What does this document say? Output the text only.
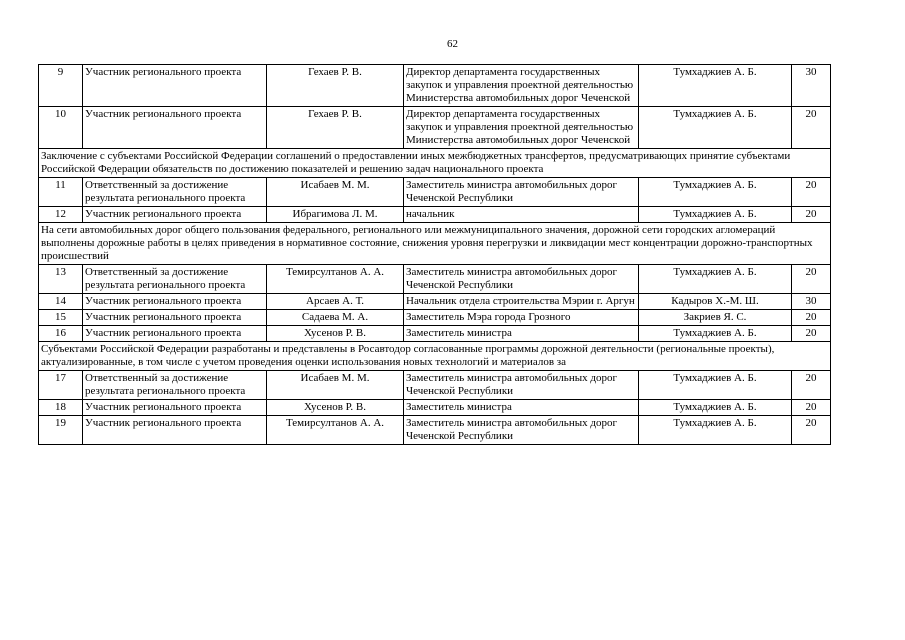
62
9	Участник регионального проекта	Гехаев Р. В.	Директор департамента государственных закупок и управления проектной деятельностью Министерства автомобильных дорог Чеченской	Тумхаджиев А. Б.	30
10	Участник регионального проекта	Гехаев Р. В.	Директор департамента государственных закупок и управления проектной деятельностью Министерства автомобильных дорог Чеченской	Тумхаджиев А. Б.	20
Заключение с субъектами Российской Федерации соглашений о предоставлении иных межбюджетных трансфертов, предусматривающих принятие субъектами Российской Федерации обязательств по достижению показателей и решению задач национального проекта					
11	Ответственный за достижение результата регионального проекта	Исабаев М. М.	Заместитель министра автомобильных дорог Чеченской Республики	Тумхаджиев А. Б.	20
12	Участник регионального проекта	Ибрагимова Л. М.	начальник	Тумхаджиев А. Б.	20
На сети автомобильных дорог общего пользования федерального, регионального или межмуниципального значения, дорожной сети городских агломераций выполнены дорожные работы в целях приведения в нормативное состояние, снижения уровня перегрузки и ликвидации мест концентрации дорожно-транспортных происшествий					
13	Ответственный за достижение результата регионального проекта	Темирсултанов А. А.	Заместитель министра автомобильных дорог Чеченской Республики	Тумхаджиев А. Б.	20
14	Участник регионального проекта	Арсаев А. Т.	Начальник отдела строительства Мэрии г. Аргун	Кадыров Х.-М. Ш.	30
15	Участник регионального проекта	Садаева М. А.	Заместитель Мэра города Грозного	Закриев Я. С.	20
16	Участник регионального проекта	Хусенов Р. В.	Заместитель министра	Тумхаджиев А. Б.	20
Субъектами Российской Федерации разработаны и представлены в Росавтодор согласованные программы дорожной деятельности (региональные проекты), актуализированные, в том числе с учетом проведения оценки использования новых технологий и материалов за					
17	Ответственный за достижение результата регионального проекта	Исабаев М. М.	Заместитель министра автомобильных дорог Чеченской Республики	Тумхаджиев А. Б.	20
18	Участник регионального проекта	Хусенов Р. В.	Заместитель министра	Тумхаджиев А. Б.	20
19	Участник регионального проекта	Темирсултанов А. А.	Заместитель министра автомобильных дорог Чеченской Республики	Тумхаджиев А. Б.	20
